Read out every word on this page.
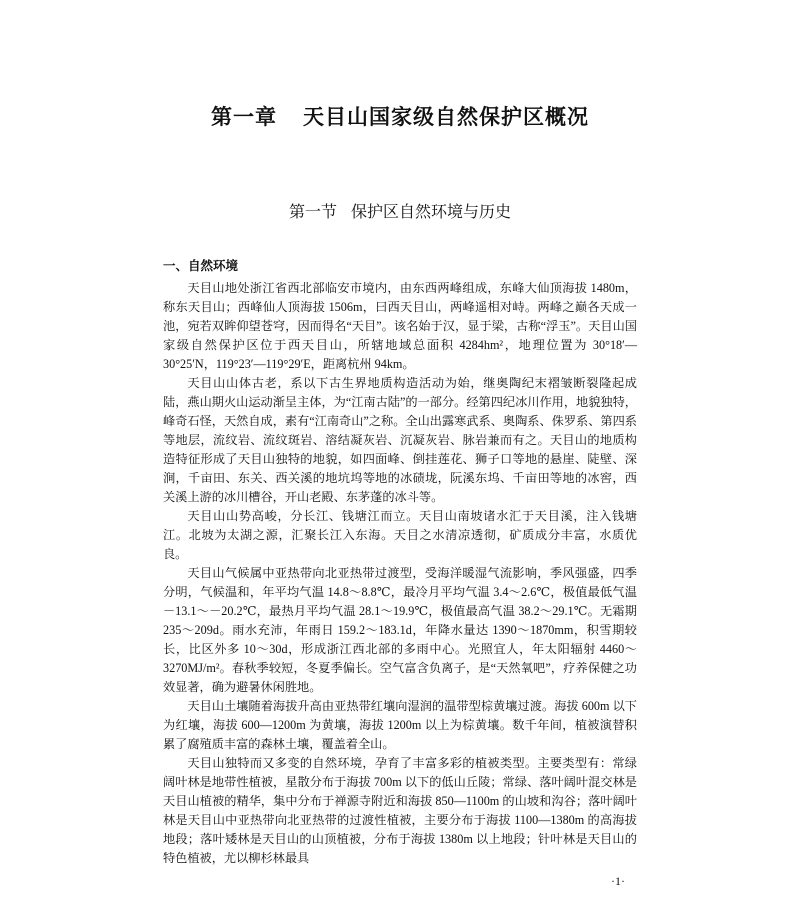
第一章 天目山国家级自然保护区概况
第一节 保护区自然环境与历史
一、自然环境

天目山地处浙江省西北部临安市境内，由东西两峰组成，东峰大仙顶海拔 1480m，称东天目山；西峰仙人顶海拔 1506m，曰西天目山，两峰遥相对峙。两峰之巅各天成一池，宛若双眸仰望苍穹，因而得名“天目”。该名始于汉，显于梁，古称“浮玉”。天目山国家级自然保护区位于西天目山，所辖地域总面积 4284hm²，地理位置为 30°18′—30°25′N，119°23′—119°29′E，距离杭州 94km。

天目山山体古老，系以下古生界地质构造活动为始，继奥陶纪末褶皱断裂隆起成陆，燕山期火山运动渐呈主体，为“江南古陆”的一部分。经第四纪冰川作用，地貌独特，峰奇石怪，天然自成，素有“江南奇山”之称。全山出露寒武系、奥陶系、侏罗系、第四系等地层，流纹岩、流纹斑岩、溶结凝灰岩、沉凝灰岩、脉岩兼而有之。天目山的地质构造特征形成了天目山独特的地貌，如四面峰、倒挂莲花、狮子口等地的悬崖、陡壁、深涧，千亩田、东关、西关溪的地坑坞等地的冰碛垅，阮溪东坞、千亩田等地的冰窖，西关溪上游的冰川槽谷，开山老殿、东茅蓬的冰斗等。

天目山山势高峻，分长江、钱塘江而立。天目山南坡诸水汇于天目溪，注入钱塘江。北坡为太湖之源，汇聚长江入东海。天目之水清凉透彻，矿质成分丰富，水质优良。

天目山气候属中亚热带向北亚热带过渡型，受海洋暖湿气流影响，季风强盛，四季分明，气候温和，年平均气温 14.8～8.8℃，最冷月平均气温 3.4～2.6℃，极值最低气温 －13.1～－20.2℃，最热月平均气温 28.1～19.9℃，极值最高气温 38.2～29.1℃。无霜期 235～209d。雨水充沛，年雨日 159.2～183.1d，年降水量达 1390～1870mm，积雪期较长，比区外多 10～30d，形成浙江西北部的多雨中心。光照宜人，年太阳辐射 4460～3270MJ/m²。春秋季较短，冬夏季偏长。空气富含负离子，是“天然氧吧”，疗养保健之功效显著，确为避暑休闲胜地。

天目山土壤随着海拔升高由亚热带红壤向湿润的温带型棕黄壤过渡。海拔 600m 以下为红壤，海拔 600—1200m 为黄壤，海拔 1200m 以上为棕黄壤。数千年间，植被演替积累了腐殖质丰富的森林土壤，覆盖着全山。

天目山独特而又多变的自然环境，孕育了丰富多彩的植被类型。主要类型有：常绿阔叶林是地带性植被，星散分布于海拔 700m 以下的低山丘陵；常绿、落叶阔叶混交林是天目山植被的精华，集中分布于禅源寺附近和海拔 850—1100m 的山坡和沟谷；落叶阔叶林是天目山中亚热带向北亚热带的过渡性植被，主要分布于海拔 1100—1380m 的高海拔地段；落叶矮林是天目山的山顶植被，分布于海拔 1380m 以上地段；针叶林是天目山的特色植被，尤以柳杉林最具

·1·
